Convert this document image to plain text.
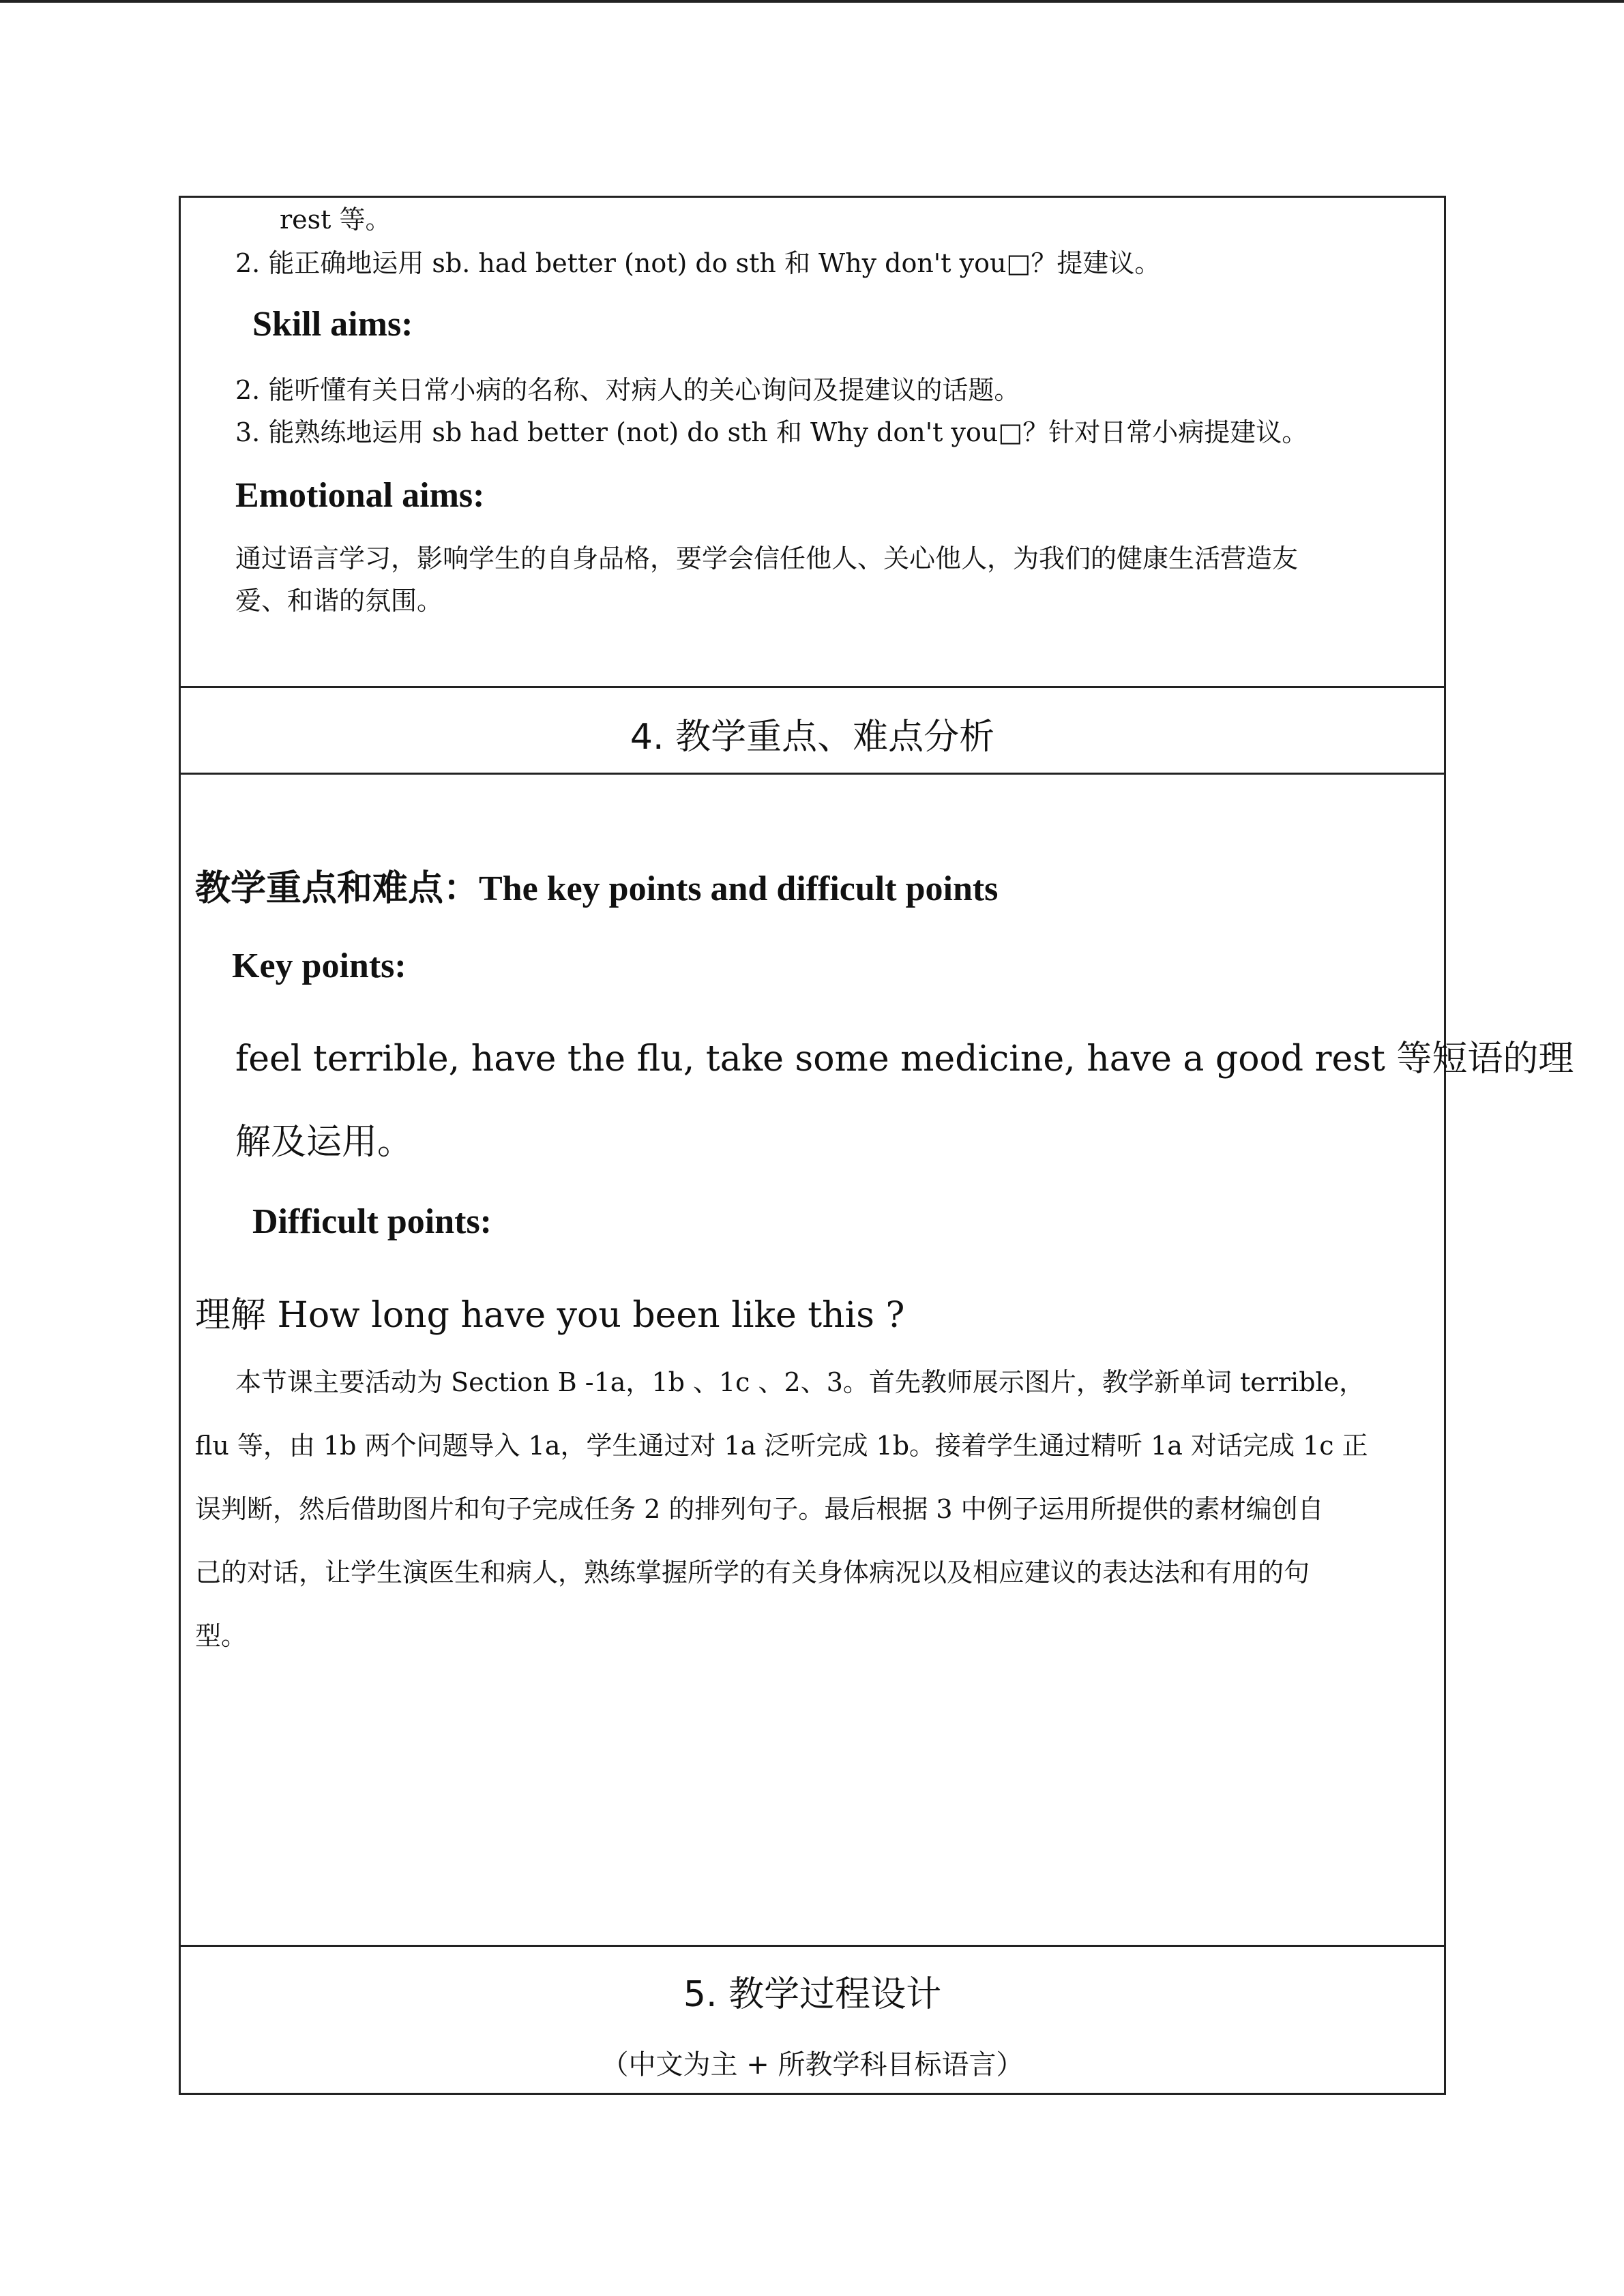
rest 等。
2. 能正确地运用 sb. had better (not) do sth 和 Why don't you□？提建议。
Skill aims:
2. 能听懂有关日常小病的名称、对病人的关心询问及提建议的话题。
3. 能熟练地运用 sb had better (not) do sth 和 Why don't you□？针对日常小病提建议。
Emotional aims:
通过语言学习，影响学生的自身品格，要学会信任他人、关心他人，为我们的健康生活营造友
爱、和谐的氛围。
4. 教学重点、难点分析
教学重点和难点：The key points and difficult points
Key points:
feel terrible, have the flu, take some medicine, have a good rest 等短语的理
解及运用。
Difficult points:
理解 How long have you been like this ?
本节课主要活动为 Section B -1a，1b 、1c 、2、3。首先教师展示图片，教学新单词 terrible，
flu 等，由 1b 两个问题导入 1a，学生通过对 1a 泛听完成 1b。接着学生通过精听 1a 对话完成 1c 正
误判断，然后借助图片和句子完成任务 2 的排列句子。最后根据 3 中例子运用所提供的素材编创自
己的对话，让学生演医生和病人，熟练掌握所学的有关身体病况以及相应建议的表达法和有用的句
型。
5. 教学过程设计
（中文为主 + 所教学科目标语言）
